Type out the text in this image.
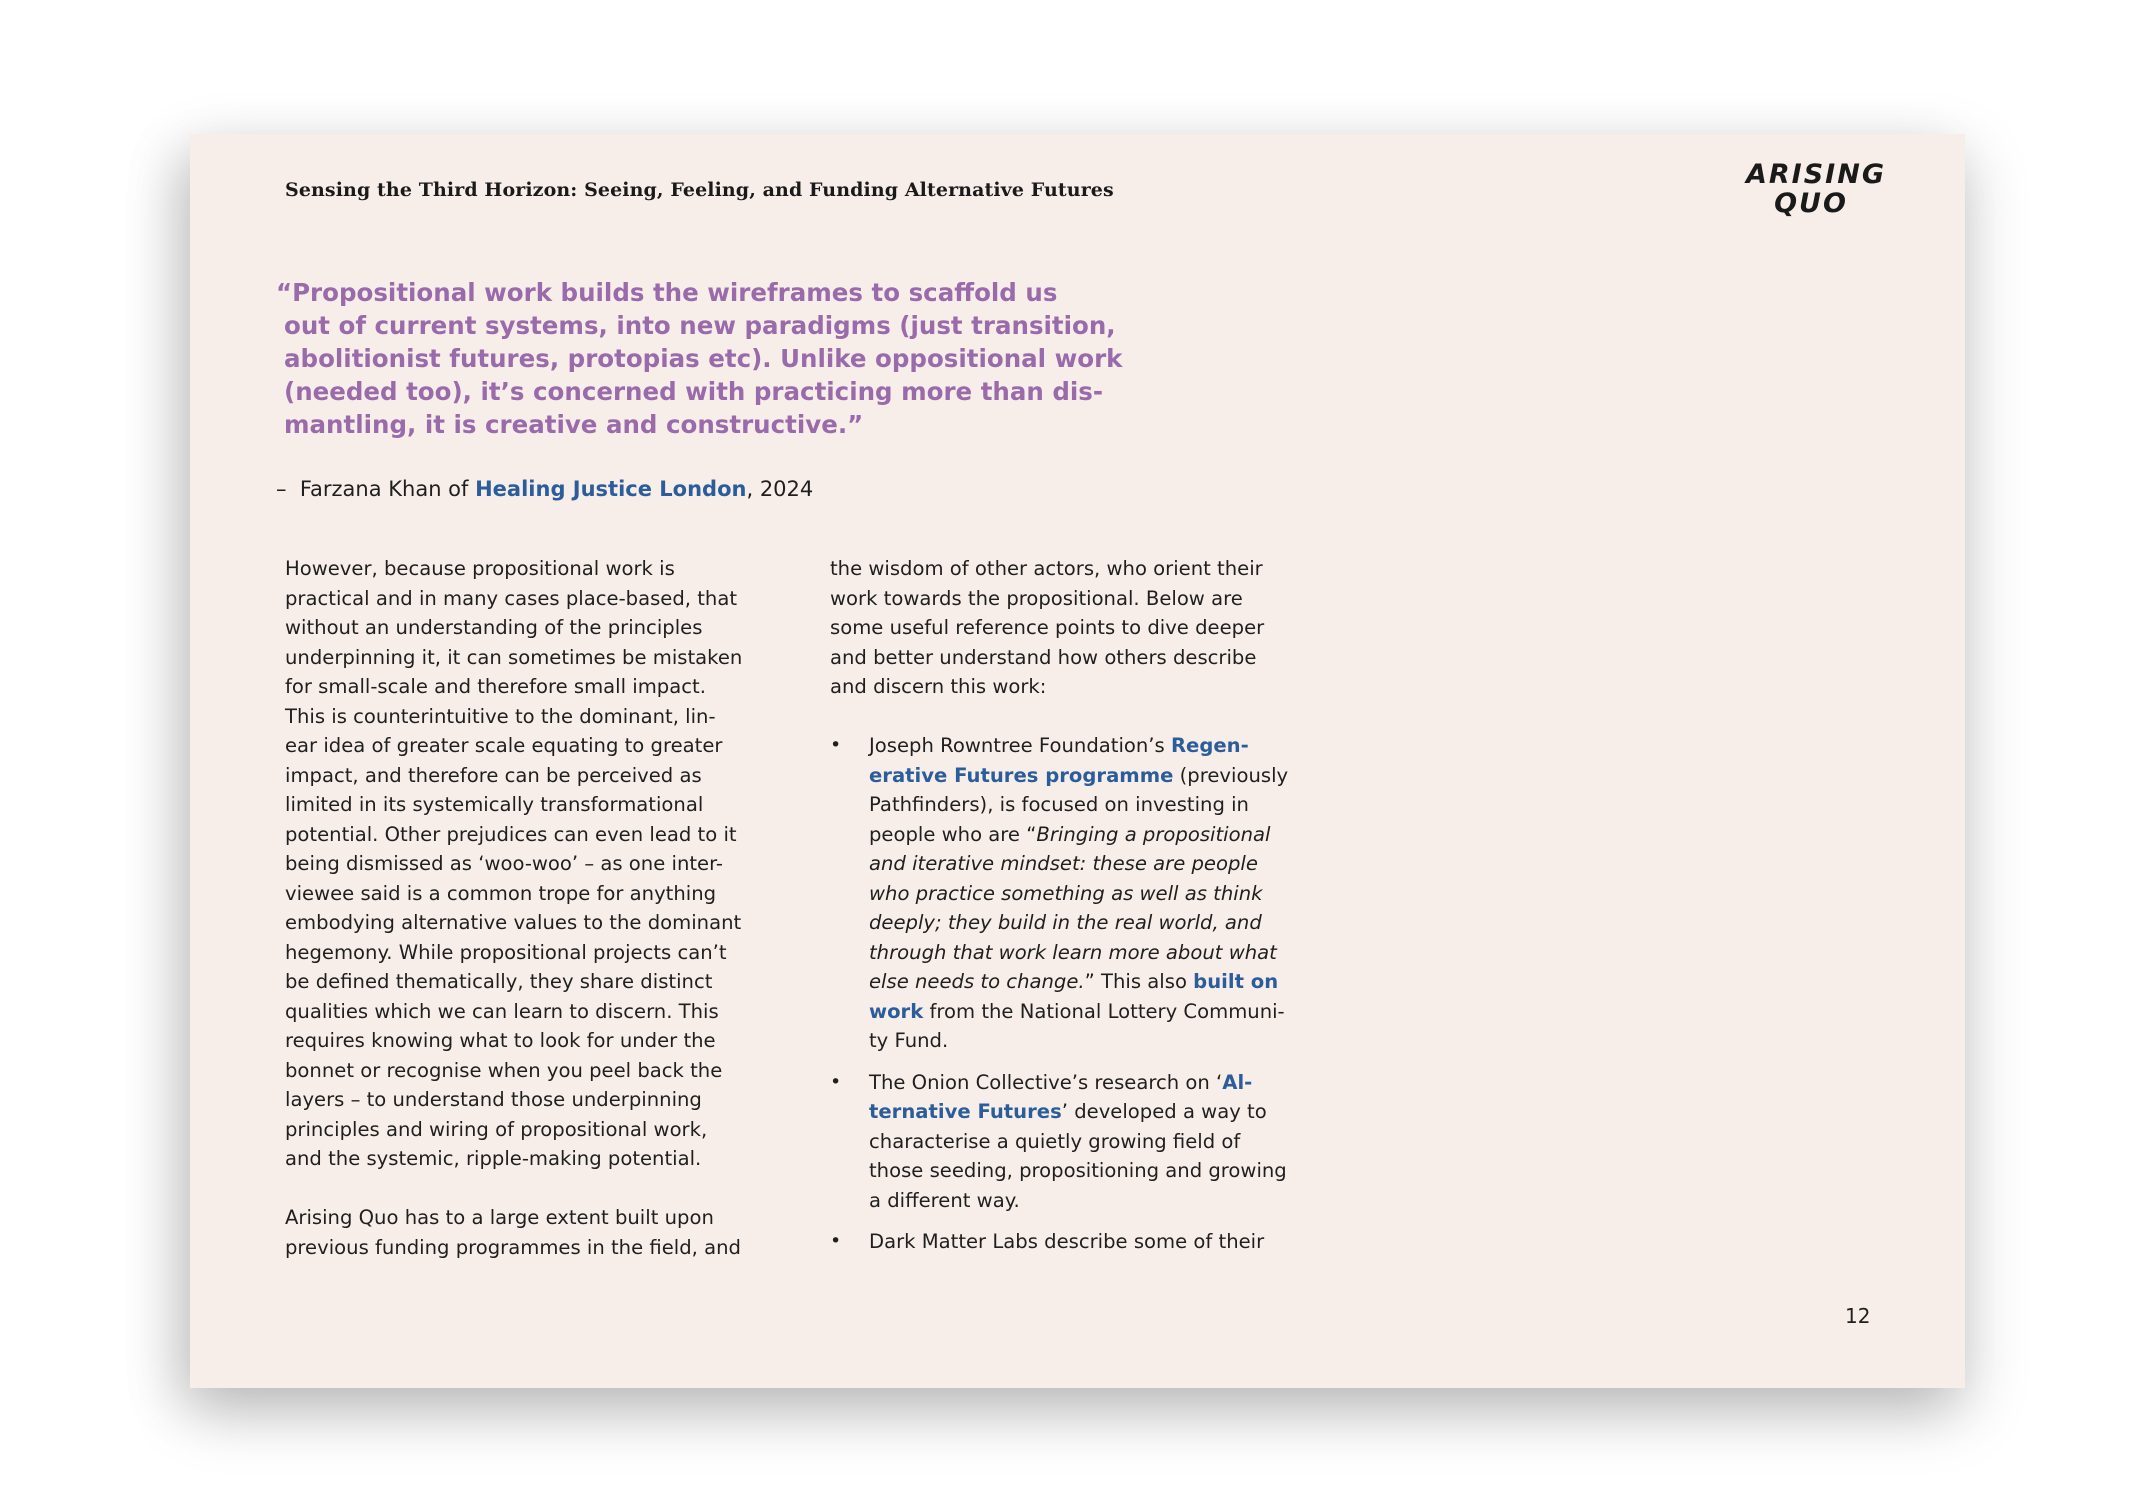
Sensing the Third Horizon: Seeing, Feeling, and Funding Alternative Futures	ARISING
QUO
“Propositional work builds the wireframes to scaffold us
out of current systems, into new paradigms (just transition,
abolitionist futures, protopias etc). Unlike oppositional work
(needed too), it’s concerned with practicing more than dis-
mantling, it is creative and constructive.”
–  Farzana Khan of Healing Justice London, 2024
However, because propositional work is
practical and in many cases place-based, that
without an understanding of the principles
underpinning it, it can sometimes be mistaken
for small-scale and therefore small impact.
This is counterintuitive to the dominant, lin-
ear idea of greater scale equating to greater
impact, and therefore can be perceived as
limited in its systemically transformational
potential. Other prejudices can even lead to it
being dismissed as ‘woo-woo’ – as one inter-
viewee said is a common trope for anything
embodying alternative values to the dominant
hegemony. While propositional projects can’t
be defined thematically, they share distinct
qualities which we can learn to discern. This
requires knowing what to look for under the
bonnet or recognise when you peel back the
layers – to understand those underpinning
principles and wiring of propositional work,
and the systemic, ripple-making potential.
Arising Quo has to a large extent built upon
previous funding programmes in the field, and
the wisdom of other actors, who orient their
work towards the propositional. Below are
some useful reference points to dive deeper
and better understand how others describe
and discern this work:
• Joseph Rowntree Foundation’s Regen-
erative Futures programme (previously
Pathfinders), is focused on investing in
people who are “Bringing a propositional
and iterative mindset: these are people
who practice something as well as think
deeply; they build in the real world, and
through that work learn more about what
else needs to change.” This also built on
work from the National Lottery Communi-
ty Fund.
• The Onion Collective’s research on ‘Al-
ternative Futures’ developed a way to
characterise a quietly growing field of
those seeding, propositioning and growing
a different way.
• Dark Matter Labs describe some of their
12
